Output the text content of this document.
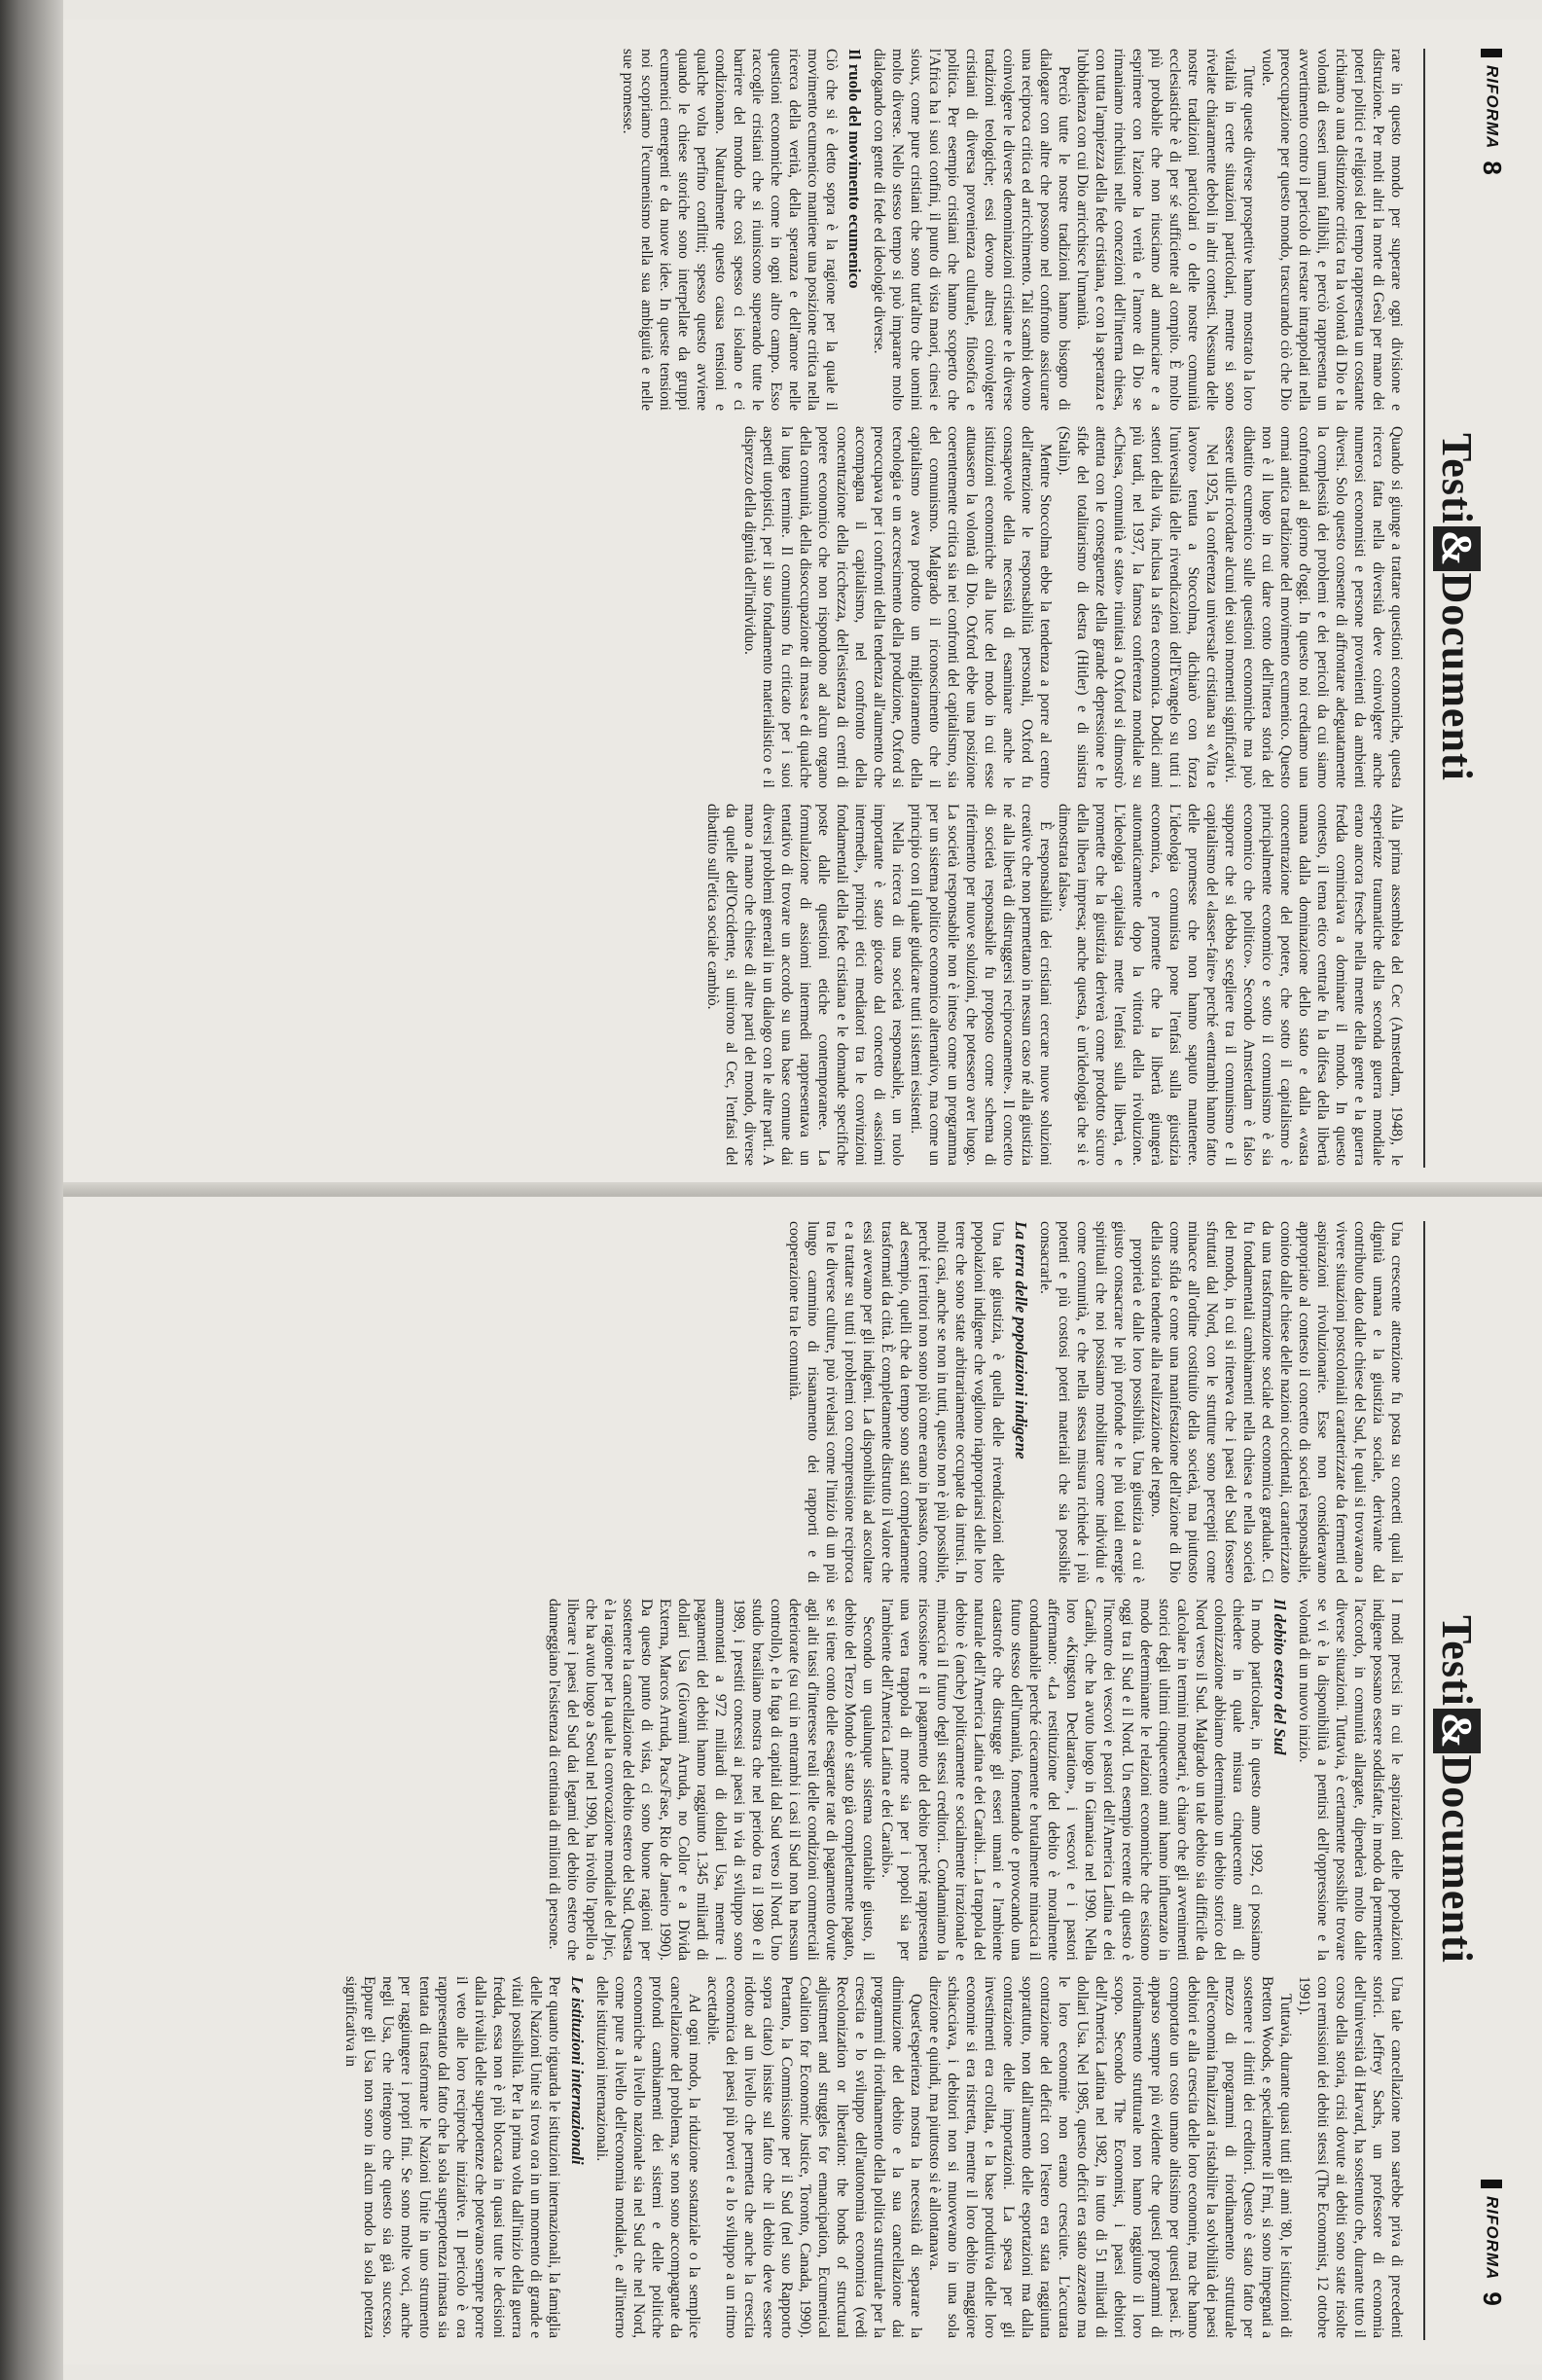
RIFORMA8
Testi&Documenti

rare in questo mondo per superare ogni divisione e distruzione. Per molti altri la morte di Gesù per mano dei poteri politici e religiosi del tempo rappresenta un costante richiamo a una distinzione critica tra la volontà di Dio e la volontà di esseri umani fallibili, e perciò rappresenta un avvertimento contro il pericolo di restare intrappolati nella preoccupazione per questo mondo, trascurando ciò che Dio vuole.

Tutte queste diverse prospettive hanno mostrato la loro vitalità in certe situazioni particolari, mentre si sono rivelate chiaramente deboli in altri contesti. Nessuna delle nostre tradizioni particolari o delle nostre comunità ecclesiastiche è di per sé sufficiente al compito. È molto più probabile che non riusciamo ad annunciare e a esprimere con l'azione la verità e l'amore di Dio se rimaniamo rinchiusi nelle concezioni dell'interna chiesa, con tutta l'ampiezza della fede cristiana, e con la speranza e l'ubbidienza con cui Dio arricchisce l'umanità.

Perciò tutte le nostre tradizioni hanno bisogno di dialogare con altre che possono nel confronto assicurare una reciproca critica ed arricchimento. Tali scambi devono coinvolgere le diverse denominazioni cristiane e le diverse tradizioni teologiche; essi devono altresì coinvolgere cristiani di diversa provenienza culturale, filosofica e politica. Per esempio cristiani che hanno scoperto che l'Africa ha i suoi confini, il punto di vista maori, cinesi e sioux, come pure cristiani che sono tutt'altro che uomini molto diverse. Nello stesso tempo si può imparare molto dialogando con gente di fede ed ideologie diverse.

Il ruolo del movimento ecumenico

Ciò che si è detto sopra è la ragione per la quale il movimento ecumenico mantiene una posizione critica nella ricerca della verità, della speranza e dell'amore nelle questioni economiche come in ogni altro campo. Esso raccoglie cristiani che si riuniscono superando tutte le barriere del mondo che così spesso ci isolano e ci condizionano. Naturalmente questo causa tensioni e qualche volta perfino conflitti; spesso questo avviene quando le chiese storiche sono interpellate da gruppi ecumenici emergenti e da nuove idee. In queste tensioni noi scopriamo l'ecumenismo nella sua ambiguità e nelle sue promesse.

Quando si giunge a trattare questioni economiche, questa ricerca fatta nella diversità deve coinvolgere anche numerosi economisti e persone provenienti da ambienti diversi. Solo questo consente di affrontare adeguatamente la complessità dei problemi e dei pericoli da cui siamo confrontati al giorno d'oggi. In questo noi crediamo una ormai antica tradizione del movimento ecumenico. Questo non è il luogo in cui dare conto dell'intera storia del dibattito ecumenico sulle questioni economiche ma può essere utile ricordare alcuni dei suoi momenti significativi.

Nel 1925, la conferenza universale cristiana su «Vita e lavoro» tenuta a Stoccolma, dichiarò con forza l'universalità delle rivendicazioni dell'Evangelo su tutti i settori della vita, inclusa la sfera economica. Dodici anni più tardi, nel 1937, la famosa conferenza mondiale su «Chiesa, comunità e stato» riunitasi a Oxford si dimostrò attenta con le conseguenze della grande depressione e le sfide del totalitarismo di destra (Hitler) e di sinistra (Stalin).

Mentre Stoccolma ebbe la tendenza a porre al centro dell'attenzione le responsabilità personali, Oxford fu consapevole della necessità di esaminare anche le istituzioni economiche alla luce del modo in cui esse attuassero la volontà di Dio. Oxford ebbe una posizione coerentemente critica sia nei confronti del capitalismo, sia del comunismo. Malgrado il riconoscimento che il capitalismo aveva prodotto un miglioramento della tecnologia e un accrescimento della produzione, Oxford si preoccupava per i confronti della tendenza all'aumento che accompagna il capitalismo, nel confronto della concentrazione della ricchezza, dell'esistenza di centri di potere economico che non rispondono ad alcun organo della comunità, della disoccupazione di massa e di qualche la lunga termine. Il comunismo fu criticato per i suoi aspetti utopistici, per il suo fondamento materialistico e il disprezzo della dignità dell'individuo.

Alla prima assemblea del Cec (Amsterdam, 1948), le esperienze traumatiche della seconda guerra mondiale erano ancora fresche nella mente della gente e la guerra fredda cominciava a dominare il mondo. In questo contesto, il tema etico centrale fu la difesa della libertà umana dalla dominazione dello stato e dalla «vasta concentrazione del potere, che sotto il capitalismo è principalmente economico e sotto il comunismo è sia economico che politico». Secondo Amsterdam è falso supporre che si debba scegliere tra il comunismo e il capitalismo del «lasser-faire» perché «entrambi hanno fatto delle promesse che non hanno saputo mantenere. L'ideologia comunista pone l'enfasi sulla giustizia economica, e promette che la libertà giungerà automaticamente dopo la vittoria della rivoluzione. L'ideologia capitalista mette l'enfasi sulla libertà, e promette che la giustizia deriverà come prodotto sicuro della libera impresa; anche questa, è un'ideologia che si è dimostrata falsa».

È responsabilità dei cristiani cercare nuove soluzioni creative che non permettano in nessun caso né alla giustizia né alla libertà di distruggersi reciprocamente». Il concetto di società responsabile fu proposto come schema di riferimento per nuove soluzioni, che potessero aver luogo. La società responsabile non è inteso come un programma per un sistema politico economico alternativo, ma come un principio con il quale giudicare tutti i sistemi esistenti.

Nella ricerca di una società responsabile, un ruolo importante è stato giocato dal concetto di «assiomi intermedi», principi etici mediatori tra le convinzioni fondamentali della fede cristiana e le domande specifiche poste dalle questioni etiche contemporanee. La formulazione di assiomi intermedi rappresentava un tentativo di trovare un accordo su una base comune dai diversi problemi generali in un dialogo con le altre parti. A mano a mano che chiese di altre parti del mondo, diverse da quelle dell'Occidente, si unirono al Cec, l'enfasi del dibattito sull'etica sociale cambiò.

Testi&Documenti
RIFORMA9

Una crescente attenzione fu posta su concetti quali la dignità umana e la giustizia sociale, derivante dal contributo dato dalle chiese del Sud, le quali si trovavano a vivere situazioni postcoloniali caratterizzate da fermenti ed aspirazioni rivoluzionarie. Esse non consideravano appropriato al contesto il concetto di società responsabile, conioto dalle chiese delle nazioni occidentali, caratterizzato da una trasformazione sociale ed economica graduale. Ci fu fondamentali cambiamenti nella chiesa e nella società del mondo, in cui si riteneva che i paesi del Sud fossero sfruttati dal Nord, con le strutture sono percepiti come minacce all'ordine costituito della società, ma piuttosto come sfida e come una manifestazione dell'azione di Dio della storia tendente alla realizzazione del regno.

proprietà e dalle loro possibilità. Una giustizia a cui è giusto consacrare le più profonde e le più totali energie spirituali che noi possiamo mobilitare come individui e come comunità, e che nella stessa misura richiede i più potenti e più costosi poteri materiali che sia possibile consacrarle.

La terra delle popolazioni indigene

Una tale giustizia, è quella delle rivendicazioni delle popolazioni indigene che vogliono riappropriarsi delle loro terre che sono state arbitrariamente occupate da intrusi. In molti casi, anche se non in tutti, questo non è più possibile, perché i territori non sono più come erano in passato, come ad esempio, quelli che da tempo sono stati completamente trasformati da città. È completamente distrutto il valore che essi avevano per gli indigeni. La disponibilità ad ascoltare e a trattare su tutti i problemi con comprensione reciproca tra le diverse culture, può rivelarsi come l'inizio di un più lungo cammino di risanamento dei rapporti e di cooperazione tra le comunità.

I modi precisi in cui le aspirazioni delle popolazioni indigene possano essere soddisfatte, in modo da permettere l'accordo, in comunità allargate, dipenderà molto dalle diverse situazioni. Tuttavia, è certamente possibile trovare se vi è la disponibilità a pentirsi dell'oppressione e la volontà di un nuovo inizio.

Il debito estero del Sud

In modo particolare, in questo anno 1992, ci possiamo chiedere in quale misura cinquecento anni di colonizzazione abbiamo determinato un debito storico del Nord verso il Sud. Malgrado un tale debito sia difficile da calcolare in termini monetari, è chiaro che gli avvenimenti storici degli ultimi cinquecento anni hanno influenzato in modo determinante le relazioni economiche che esistono oggi tra il Sud e il Nord. Un esempio recente di questo è l'incontro dei vescovi e pastori dell'America Latina e dei Caraibi, che ha avuto luogo in Giamaica nel 1990. Nella loro «Kingston Declaration», i vescovi e i pastori affermano: «La restituzione del debito è moralmente condannabile perché ciecamente e brutalmente minaccia il futuro stesso dell'umanità, fomentando e provocando una catastrofe che distrugge gli esseri umani e l'ambiente naturale dell'America Latina e dei Caraibi... La trappola del debito è (anche) politicamente e socialmente irrazionale e minaccia il futuro degli stessi creditori... Condanniamo la riscossione e il pagamento del debito perché rappresenta una vera trappola di morte sia per i popoli sia per l'ambiente dell'America Latina e dei Caraibi».

Secondo un qualunque sistema contabile giusto, il debito del Terzo Mondo è stato già completamente pagato, se si tiene conto delle esagerate rate di pagamento dovute agli alti tassi d'interesse reali delle condizioni commerciali deteriorate (su cui in entrambi i casi il Sud non ha nessun controllo), e la fuga di capitali dal Sud verso il Nord. Uno studio brasiliano mostra che nel periodo tra il 1980 e il 1989, i prestiti concessi ai paesi in via di sviluppo sono ammontati a 972 miliardi di dollari Usa, mentre i pagamenti del debiti hanno raggiunto 1.345 miliardi di dollari Usa (Giovanni Arruda, no Collor e a Dívida Externa, Marcos Arruda, Pacs/Fase, Rio de Janeiro 1990). Da questo punto di vista, ci sono buone ragioni per sostenere la cancellazione del debito estero del Sud. Questa è la ragione per la quale la convocazione mondiale del Jpic, che ha avuto luogo a Seoul nel 1990, ha rivolto l'appello a liberare i paesi del Sud dai legami del debito estero che danneggiano l'esistenza di centinaia di milioni di persone.

Una tale cancellazione non sarebbe priva di precedenti storici. Jeffrey Sachs, un professore di economia dell'università di Harvard, ha sostenuto che, durante tutto il corso della storia, crisi dovute ai debiti sono state risolte con remissioni dei debiti stessi (The Economist, 12 ottobre 1991).

Tuttavia, durante quasi tutti gli anni '80, le istituzioni di Bretton Woods, e specialmente il Fmi, si sono impegnati a sostenere i diritti dei creditori. Questo è stato fatto per mezzo di programmi di riordinamento strutturale dell'economia finalizzati a ristabilire la solvibilità dei paesi debitori e alla crescita delle loro economie, ma che hanno comportato un costo umano altissimo per questi paesi. È apparso sempre più evidente che questi programmi di riordinamento strutturale non hanno raggiunto il loro scopo. Secondo The Economist, i paesi debitori dell'America Latina nel 1982, in tutto di 51 miliardi di dollari Usa. Nel 1985, questo deficit era stato azzerato ma le loro economie non erano cresciute. L'accurata contrazione del deficit con l'estero era stata raggiunta soprattutto, non dall'aumento delle esportazioni ma dalla contrazione delle importazioni. La spesa per gli investimenti era crollata, e la base produttiva delle loro economie si era ristretta, mentre il loro debito maggiore schiacciava, i debitori non si muovevano in una sola direzione e quindi, ma piuttosto si è allontanava.

Quest'esperienza mostra la necessità di separare la diminuzione del debito e la sua cancellazione dai programmi di riordinamento della politica strutturale per la crescita e lo sviluppo dell'autonomia economica (vedi Recolonization or liberation: the bonds of structural adjustment and struggles for emancipation, Ecumenical Coalition for Economic Justice, Toronto, Canada, 1990). Pertanto, la Commissione per il Sud (nel suo Rapporto sopra citato) insiste sul fatto che il debito deve essere ridotto ad un livello che permetta che anche la crescita economica dei paesi più poveri e a lo sviluppo a un ritmo accettabile.

Ad ogni modo, la riduzione sostanziale o la semplice cancellazione del problema, se non sono accompagnate da profondi cambiamenti dei sistemi e delle politiche economiche a livello nazionale sia nel Sud che nel Nord, come pure a livello dell'economia mondiale, e all'interno delle istituzioni internazionali.

Le istituzioni internazionali

Per quanto riguarda le istituzioni internazionali, la famiglia delle Nazioni Unite si trova ora in un momento di grande e vitali possibilità. Per la prima volta dall'inizio della guerra fredda, essa non è più bloccata in quasi tutte le decisioni dalla rivalità delle superpotenze che potevano sempre porre il veto alle loro reciproche iniziative. Il pericolo è ora rappresentato dal fatto che la sola superpotenza rimasta sia tentata di trasformare le Nazioni Unite in uno strumento per raggiungere i propri fini. Se sono molte voci, anche negli Usa, che ritengono che questo sia già successo. Eppure gli Usa non sono in alcun modo la sola potenza significativa in
